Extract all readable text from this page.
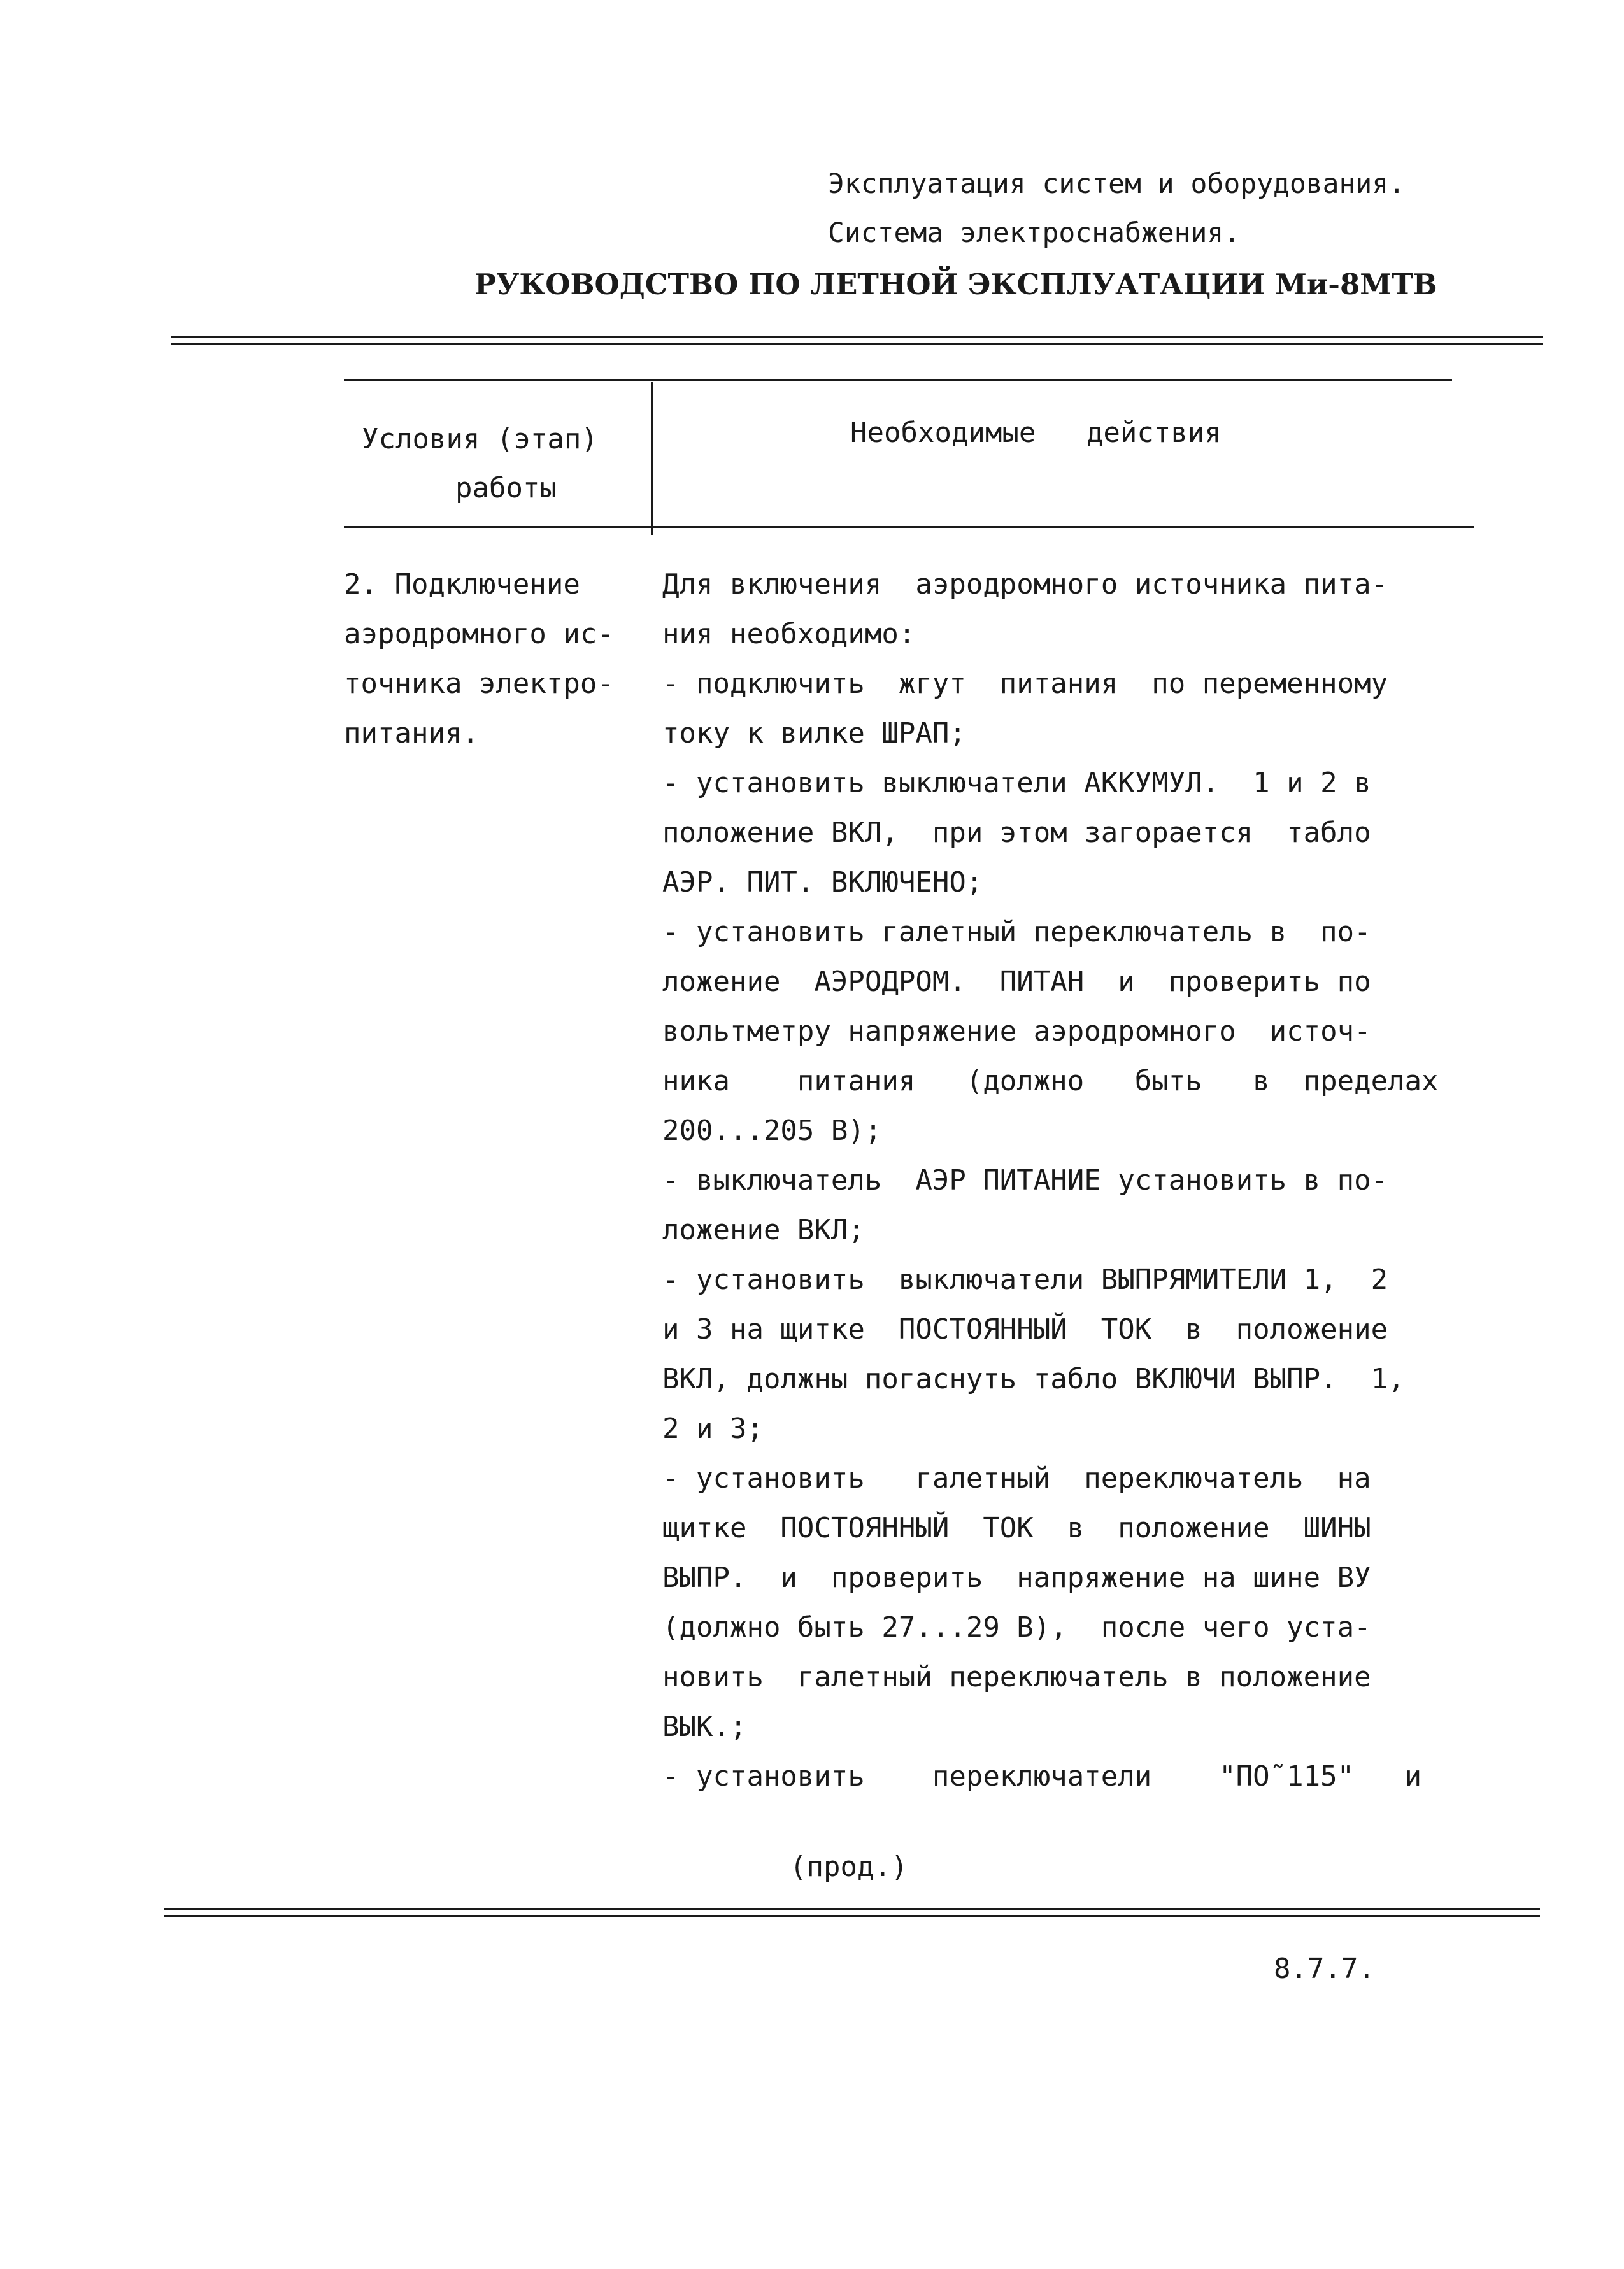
Эксплуатация систем и оборудования.
Система электроснабжения.
РУКОВОДСТВО ПО ЛЕТНОЙ ЭКСПЛУАТАЦИИ Ми-8МТВ
Условия (этап)
работы
Необходимые   действия
2. Подключение
аэродромного ис-
точника электро-
питания.
Для включения  аэродромного источника пита-
ния необходимо:
- подключить  жгут  питания  по переменному
току к вилке ШРАП;
- установить выключатели АККУМУЛ.  1 и 2 в
положение ВКЛ,  при этом загорается  табло
АЭР. ПИТ. ВКЛЮЧЕНО;
- установить галетный переключатель в  по-
ложение  АЭРОДРОМ.  ПИТАН  и  проверить по
вольтметру напряжение аэродромного  источ-
ника    питания   (должно   быть   в  пределах
200...205 В);
- выключатель  АЭР ПИТАНИЕ установить в по-
ложение ВКЛ;
- установить  выключатели ВЫПРЯМИТЕЛИ 1,  2
и 3 на щитке  ПОСТОЯННЫЙ  ТОК  в  положение
ВКЛ, должны погаснуть табло ВКЛЮЧИ ВЫПР.  1,
2 и 3;
- установить   галетный  переключатель  на
щитке  ПОСТОЯННЫЙ  ТОК  в  положение  ШИНЫ
ВЫПР.  и  проверить  напряжение на шине ВУ
(должно быть 27...29 В),  после чего уста-
новить  галетный переключатель в положение
ВЫК.;
- установить    переключатели    "ПО˜115"   и
(прод.)
8.7.7.
